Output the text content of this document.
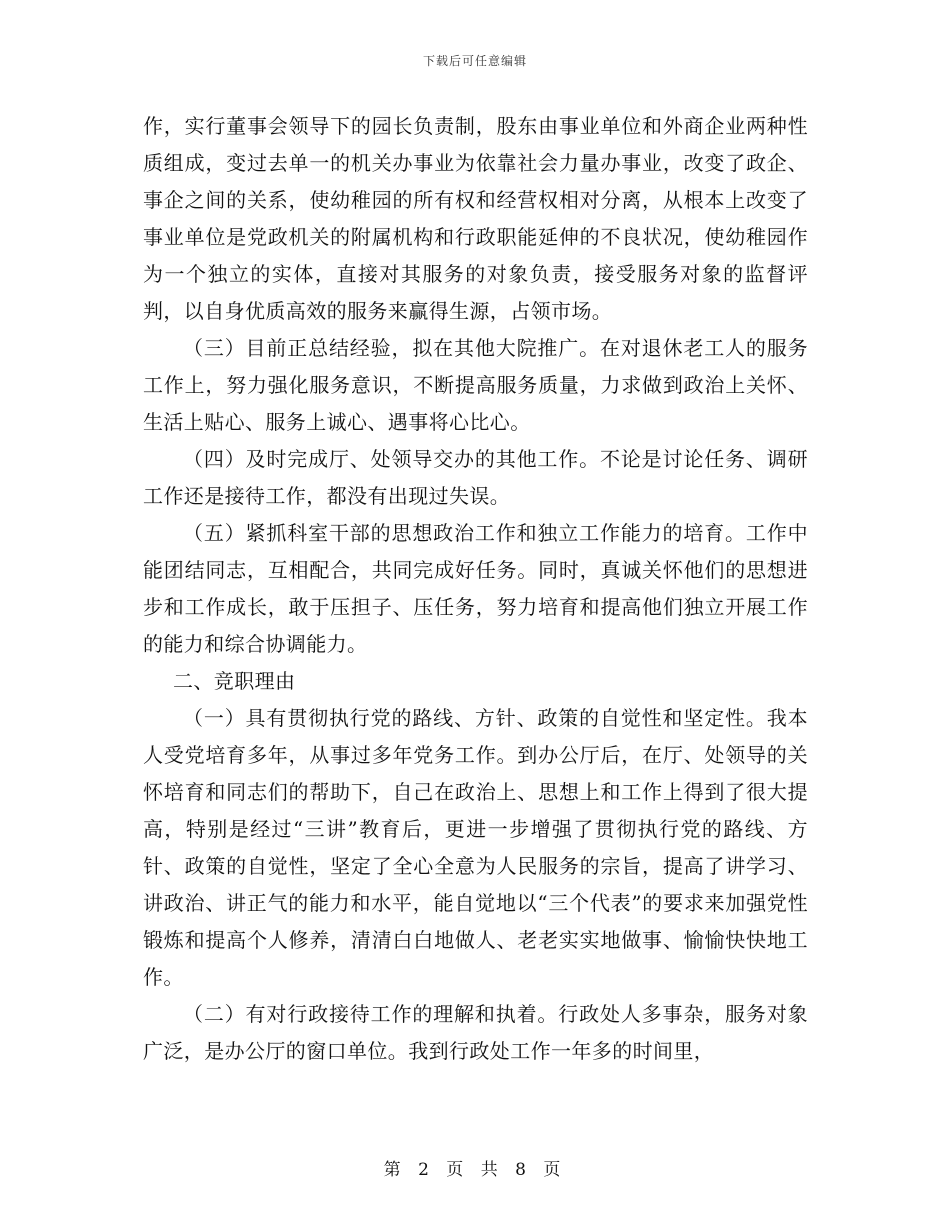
下载后可任意编辑

作，实行董事会领导下的园长负责制，股东由事业单位和外商企业两种性质组成，变过去单一的机关办事业为依靠社会力量办事业，改变了政企、事企之间的关系，使幼稚园的所有权和经营权相对分离，从根本上改变了事业单位是党政机关的附属机构和行政职能延伸的不良状况，使幼稚园作为一个独立的实体，直接对其服务的对象负责，接受服务对象的监督评判，以自身优质高效的服务来赢得生源，占领市场。

（三）目前正总结经验，拟在其他大院推广。在对退休老工人的服务工作上，努力强化服务意识，不断提高服务质量，力求做到政治上关怀、生活上贴心、服务上诚心、遇事将心比心。

（四）及时完成厅、处领导交办的其他工作。不论是讨论任务、调研工作还是接待工作，都没有出现过失误。

（五）紧抓科室干部的思想政治工作和独立工作能力的培育。工作中能团结同志，互相配合，共同完成好任务。同时，真诚关怀他们的思想进步和工作成长，敢于压担子、压任务，努力培育和提高他们独立开展工作的能力和综合协调能力。

二、竞职理由

（一）具有贯彻执行党的路线、方针、政策的自觉性和坚定性。我本人受党培育多年，从事过多年党务工作。到办公厅后，在厅、处领导的关怀培育和同志们的帮助下，自己在政治上、思想上和工作上得到了很大提高，特别是经过“三讲”教育后，更进一步增强了贯彻执行党的路线、方针、政策的自觉性，坚定了全心全意为人民服务的宗旨，提高了讲学习、讲政治、讲正气的能力和水平，能自觉地以“三个代表”的要求来加强党性锻炼和提高个人修养，清清白白地做人、老老实实地做事、愉愉快快地工作。

（二）有对行政接待工作的理解和执着。行政处人多事杂，服务对象广泛，是办公厅的窗口单位。我到行政处工作一年多的时间里，

第 2 页 共 8 页
